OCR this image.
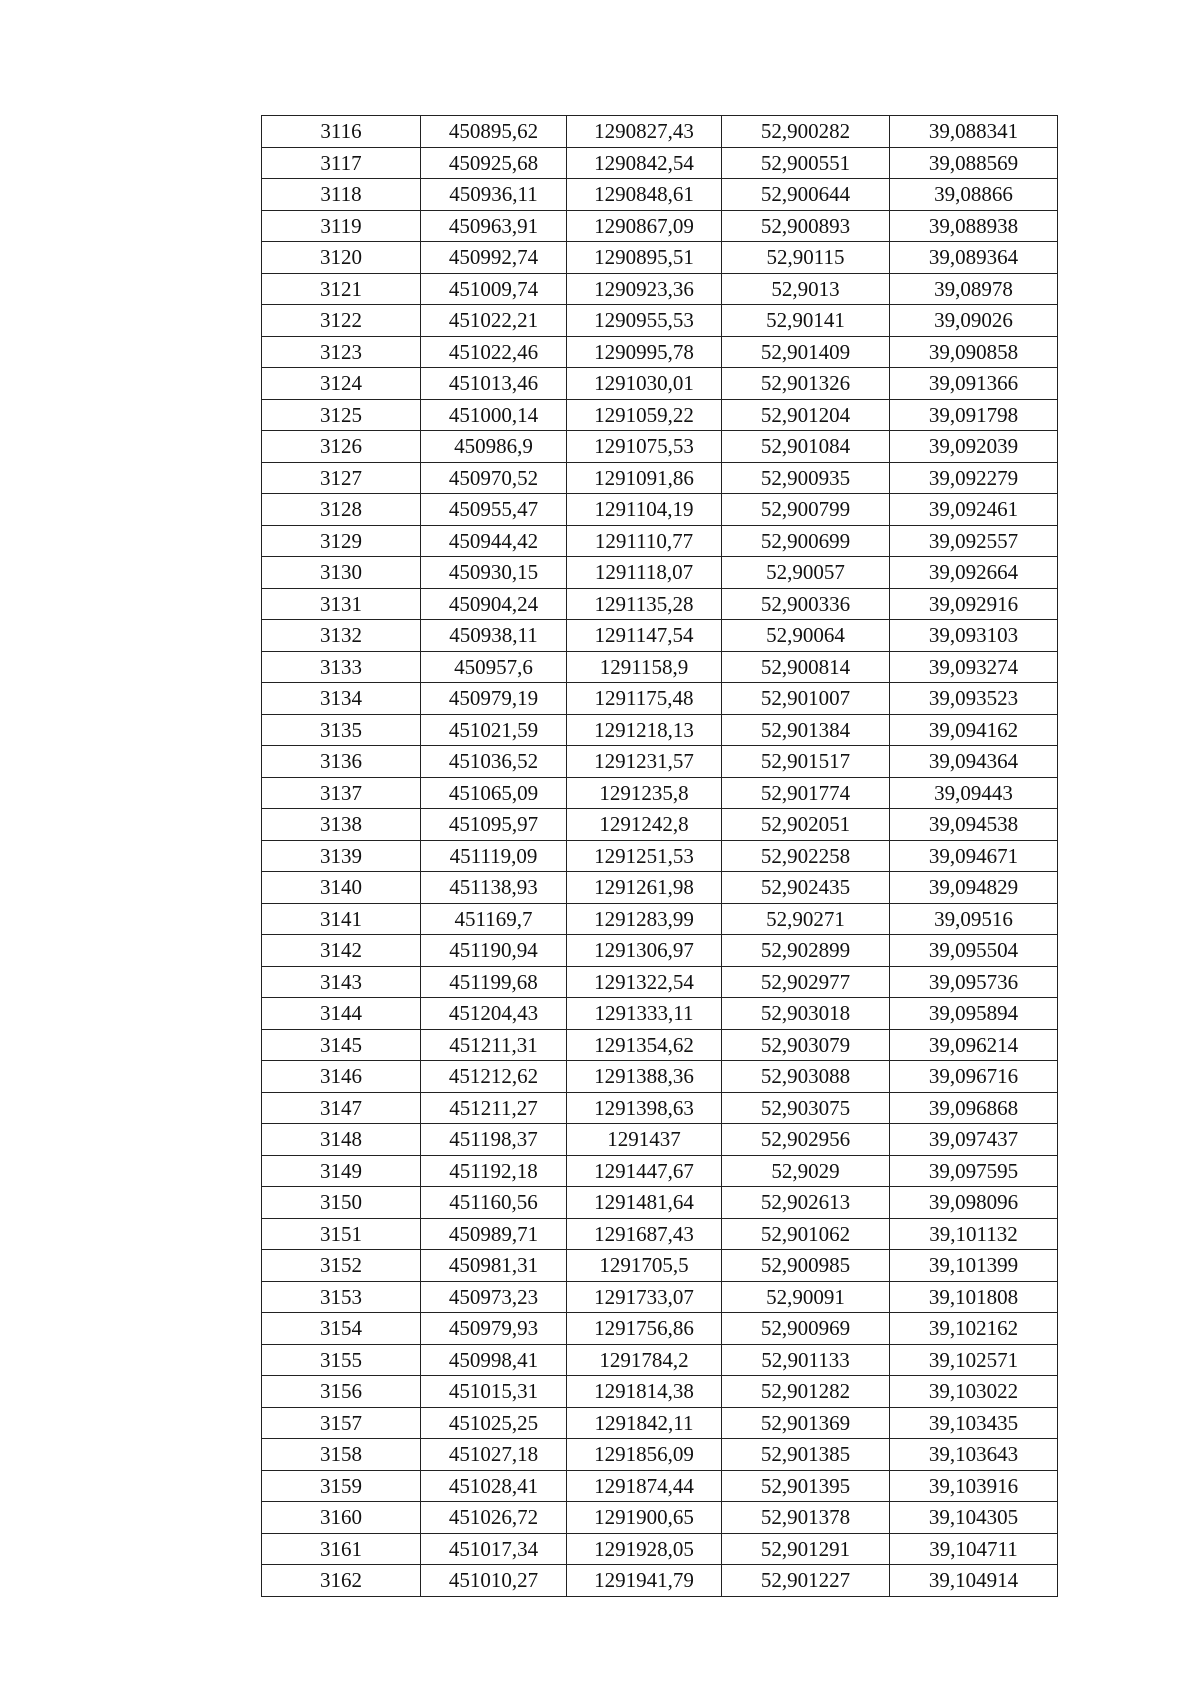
3116	450895,62	1290827,43	52,900282	39,088341
3117	450925,68	1290842,54	52,900551	39,088569
3118	450936,11	1290848,61	52,900644	39,08866
3119	450963,91	1290867,09	52,900893	39,088938
3120	450992,74	1290895,51	52,90115	39,089364
3121	451009,74	1290923,36	52,9013	39,08978
3122	451022,21	1290955,53	52,90141	39,09026
3123	451022,46	1290995,78	52,901409	39,090858
3124	451013,46	1291030,01	52,901326	39,091366
3125	451000,14	1291059,22	52,901204	39,091798
3126	450986,9	1291075,53	52,901084	39,092039
3127	450970,52	1291091,86	52,900935	39,092279
3128	450955,47	1291104,19	52,900799	39,092461
3129	450944,42	1291110,77	52,900699	39,092557
3130	450930,15	1291118,07	52,90057	39,092664
3131	450904,24	1291135,28	52,900336	39,092916
3132	450938,11	1291147,54	52,90064	39,093103
3133	450957,6	1291158,9	52,900814	39,093274
3134	450979,19	1291175,48	52,901007	39,093523
3135	451021,59	1291218,13	52,901384	39,094162
3136	451036,52	1291231,57	52,901517	39,094364
3137	451065,09	1291235,8	52,901774	39,09443
3138	451095,97	1291242,8	52,902051	39,094538
3139	451119,09	1291251,53	52,902258	39,094671
3140	451138,93	1291261,98	52,902435	39,094829
3141	451169,7	1291283,99	52,90271	39,09516
3142	451190,94	1291306,97	52,902899	39,095504
3143	451199,68	1291322,54	52,902977	39,095736
3144	451204,43	1291333,11	52,903018	39,095894
3145	451211,31	1291354,62	52,903079	39,096214
3146	451212,62	1291388,36	52,903088	39,096716
3147	451211,27	1291398,63	52,903075	39,096868
3148	451198,37	1291437	52,902956	39,097437
3149	451192,18	1291447,67	52,9029	39,097595
3150	451160,56	1291481,64	52,902613	39,098096
3151	450989,71	1291687,43	52,901062	39,101132
3152	450981,31	1291705,5	52,900985	39,101399
3153	450973,23	1291733,07	52,90091	39,101808
3154	450979,93	1291756,86	52,900969	39,102162
3155	450998,41	1291784,2	52,901133	39,102571
3156	451015,31	1291814,38	52,901282	39,103022
3157	451025,25	1291842,11	52,901369	39,103435
3158	451027,18	1291856,09	52,901385	39,103643
3159	451028,41	1291874,44	52,901395	39,103916
3160	451026,72	1291900,65	52,901378	39,104305
3161	451017,34	1291928,05	52,901291	39,104711
3162	451010,27	1291941,79	52,901227	39,104914
